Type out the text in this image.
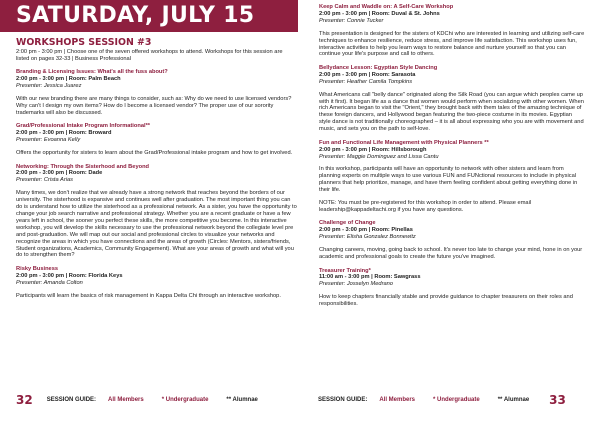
SATURDAY, JULY 15
WORKSHOPS SESSION #3

2:00 pm - 3:00 pm | Choose one of the seven offered workshops to attend. Workshops for this session are listed on pages 32-33 | Business Professional

Branding & Licensing Issues: What's all the fuss about?
2:00 pm - 3:00 pm | Room: Palm Beach
Presenter: Jessica Juarez

With our new branding there are many things to consider, such as: Why do we need to use licensed vendors? Why can't I design my own items? How do I become a licensed vendor? The proper use of our sorority trademarks will also be discussed.

Grad/Professional Intake Program Informational**
2:00 pm - 3:00 pm | Room: Broward
Presenter: Evoanna Kelly

Offers the opportunity for sisters to learn about the Grad/Professional intake program and how to get involved.

Networking: Through the Sisterhood and Beyond
2:00 pm - 3:00 pm | Room: Dade
Presenter: Crista Arias

Many times, we don't realize that we already have a strong network that reaches beyond the borders of our university. The sisterhood is expansive and continues well after graduation. The most important thing you can do is understand how to utilize the sisterhood as a professional network. As a sister, you have the opportunity to change your job search narrative and professional strategy. Whether you are a recent graduate or have a few years left in school, the sooner you perfect these skills, the more competitive you become. In this interactive workshop, you will develop the skills necessary to use the professional network beyond the collegiate level pre and post-graduation. We will map out our social and professional circles to visualize your networks and recognize the areas in which you have connections and the areas of growth (Circles: Mentors, sisters/friends, Student organizations, Academics, Community Engagement). What are your areas of growth and what will you do to strengthen them?

Risky Business
2:00 pm - 3:00 pm | Room: Florida Keys
Presenter: Amanda Colton

Participants will learn the basics of risk management in Kappa Delta Chi through an interactive workshop.

Keep Calm and Waddle on: A Self-Care Workshop
2:00 pm - 3:00 pm | Room: Duval & St. Johns
Presenter: Connie Tucker

This presentation is designed for the sisters of KDChi who are interested in learning and utilizing self-care techniques to enhance resilience, reduce stress, and improve life satisfaction. This workshop uses fun, interactive activities to help you learn ways to restore balance and nurture yourself so that you can continue your life's purpose and call to others.

Bellydance Lesson: Egyptian Style Dancing
2:00 pm - 3:00 pm | Room: Sarasota
Presenter: Heather Camila Tompkins

What Americans call "belly dance" originated along the Silk Road (you can argue which peoples came up with it first). It began life as a dance that women would perform when socializing with other women. When rich Americans began to visit the "Orient," they brought back with them tales of the amazing technique of these foreign dancers, and Hollywood began featuring the two-piece costume in its movies. Egyptian style dance is not traditionally choreographed – it is all about expressing who you are with movement and music, and sets you on the path to self-love.

Fun and Functional Life Management with Physical Planners **
2:00 pm - 3:00 pm | Room: Hillsborough
Presenter: Maggie Dominguez and Lissa Cantu

In this workshop, participants will have an opportunity to network with other sisters and learn from planning experts on multiple ways to use various FUN and FUNctional resources to include in physical planners that help prioritize, manage, and have them feeling confident about getting everything done in their life.

NOTE: You must be pre-registered for this workshop in order to attend. Please email leadership@kappadeltachi.org if you have any questions.

Challenge of Change
2:00 pm - 3:00 pm | Room: Pinellas
Presenter: Elisha Gonzalez Bonnewitz

Changing careers, moving, going back to school. It's never too late to change your mind, hone in on your academic and professional goals to create the future you've imagined.

Treasurer Training*
11:00 am - 3:00 pm | Room: Sawgrass
Presenter: Josselyn Medrano

How to keep chapters financially stable and provide guidance to chapter treasurers on their roles and responsibilities.

32 SESSION GUIDE: All Members	* Undergraduate	** Alumnae	SESSION GUIDE: All Members	* Undergraduate	** Alumnae 33
